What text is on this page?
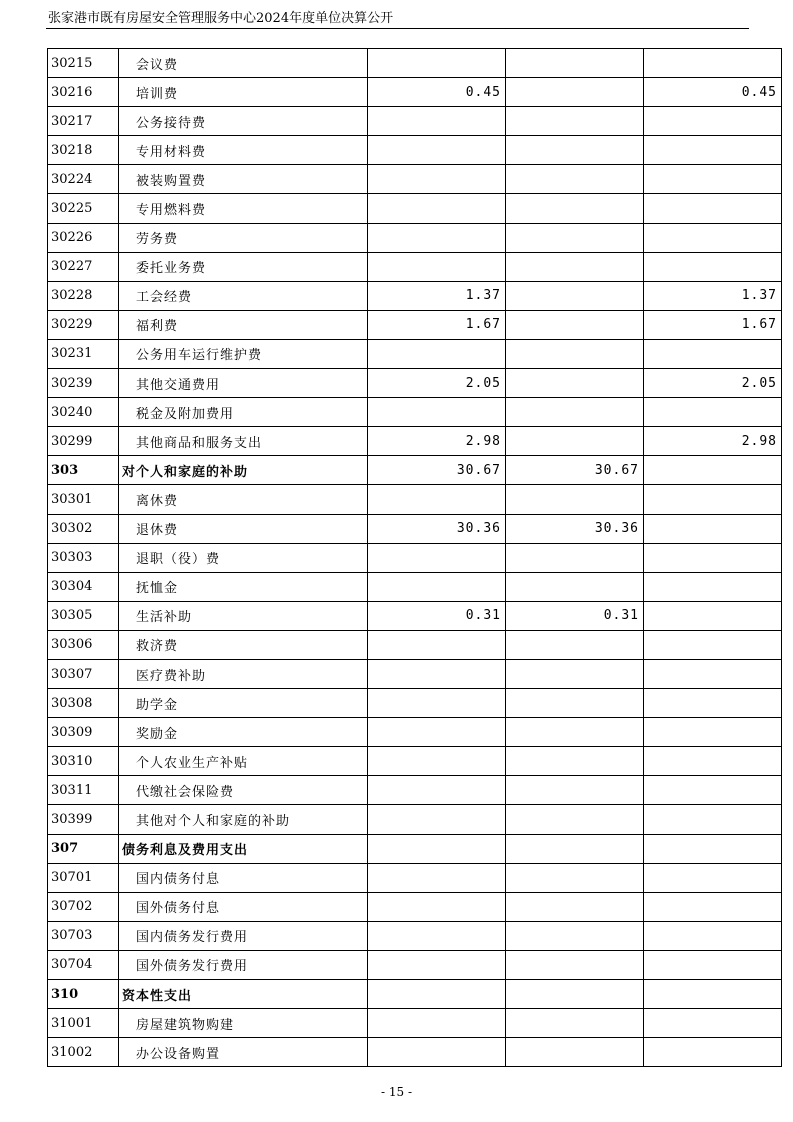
张家港市既有房屋安全管理服务中心2024年度单位决算公开
30215	会议费			
30216	培训费	0.45		0.45
30217	公务接待费			
30218	专用材料费			
30224	被装购置费			
30225	专用燃料费			
30226	劳务费			
30227	委托业务费			
30228	工会经费	1.37		1.37
30229	福利费	1.67		1.67
30231	公务用车运行维护费			
30239	其他交通费用	2.05		2.05
30240	税金及附加费用			
30299	其他商品和服务支出	2.98		2.98
303	对个人和家庭的补助	30.67	30.67	
30301	离休费			
30302	退休费	30.36	30.36	
30303	退职（役）费			
30304	抚恤金			
30305	生活补助	0.31	0.31	
30306	救济费			
30307	医疗费补助			
30308	助学金			
30309	奖励金			
30310	个人农业生产补贴			
30311	代缴社会保险费			
30399	其他对个人和家庭的补助			
307	债务利息及费用支出			
30701	国内债务付息			
30702	国外债务付息			
30703	国内债务发行费用			
30704	国外债务发行费用			
310	资本性支出			
31001	房屋建筑物购建			
31002	办公设备购置			
- 15 -
